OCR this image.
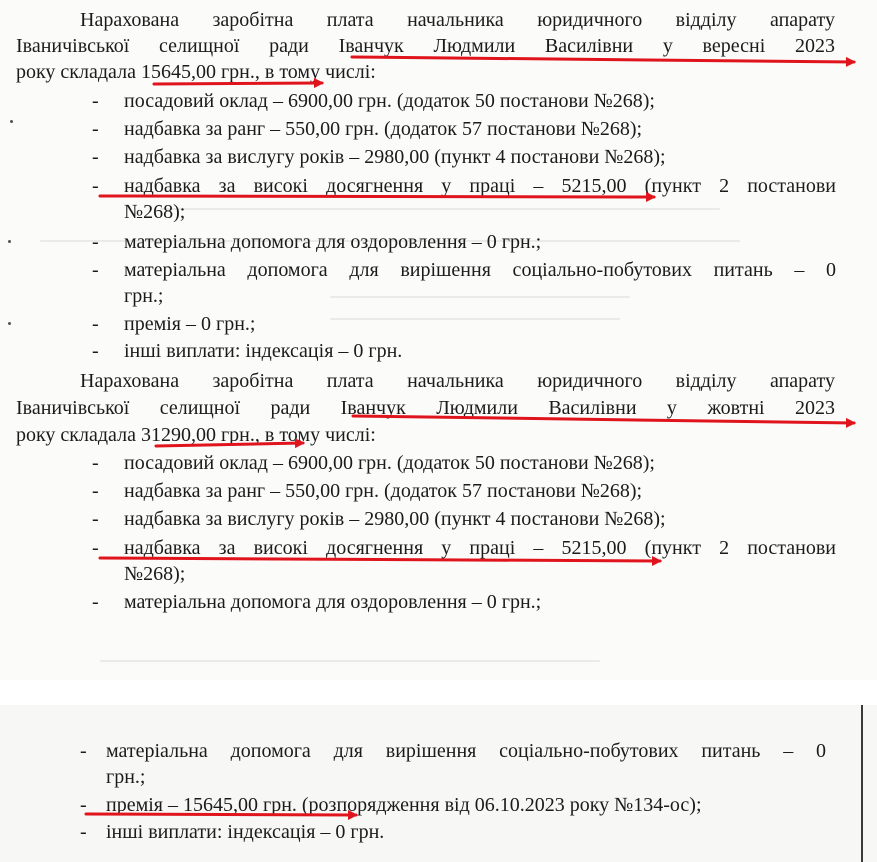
Нарахована заробітна плата начальника юридичного відділу апарату
Іваничівської селищної ради Іванчук Людмили Василівни у вересні 2023
року складала 15645,00 грн., в тому числі:
- посадовий оклад – 6900,00 грн. (додаток 50 постанови №268);
- надбавка за ранг – 550,00 грн. (додаток 57 постанови №268);
- надбавка за вислугу років – 2980,00 (пункт 4 постанови №268);
- надбавка за високі досягнення у праці – 5215,00 (пункт 2 постанови
№268);
- матеріальна допомога для оздоровлення – 0 грн.;
- матеріальна допомога для вирішення соціально-побутових питань – 0
грн.;
- премія – 0 грн.;
- інші виплати: індексація – 0 грн.
Нарахована заробітна плата начальника юридичного відділу апарату
Іваничівської селищної ради Іванчук Людмили Василівни у жовтні 2023
року складала 31290,00 грн., в тому числі:
- посадовий оклад – 6900,00 грн. (додаток 50 постанови №268);
- надбавка за ранг – 550,00 грн. (додаток 57 постанови №268);
- надбавка за вислугу років – 2980,00 (пункт 4 постанови №268);
- надбавка за високі досягнення у праці – 5215,00 (пункт 2 постанови
№268);
- матеріальна допомога для оздоровлення – 0 грн.;
- матеріальна допомога для вирішення соціально-побутових питань – 0
грн.;
- премія – 15645,00 грн. (розпорядження від 06.10.2023 року №134-ос);
- інші виплати: індексація – 0 грн.
